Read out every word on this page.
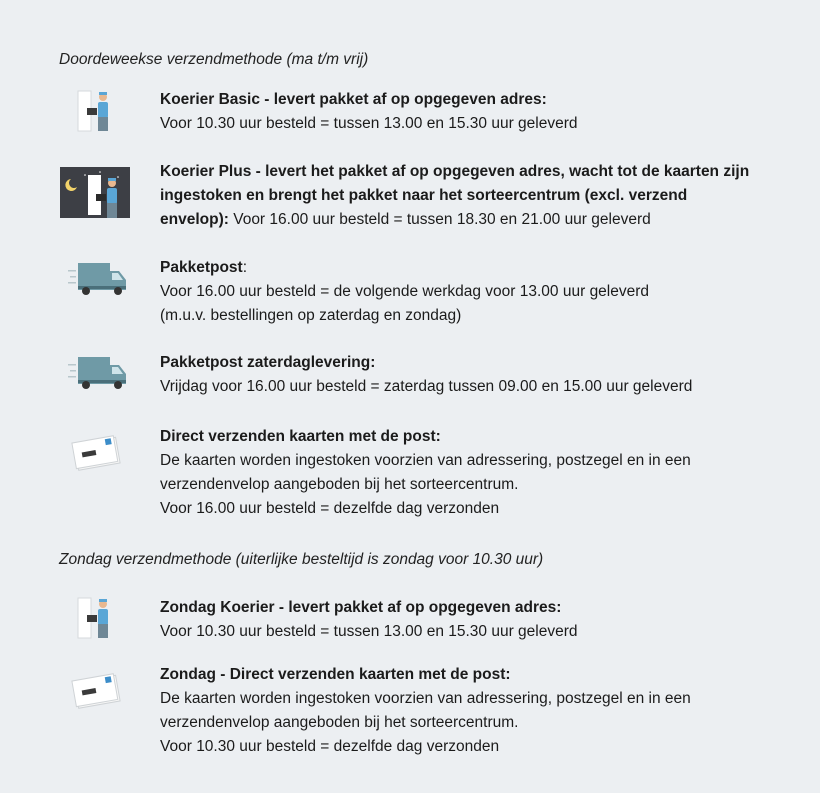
Doordeweekse verzendmethode (ma t/m vrij)
Koerier Basic - levert pakket af op opgegeven adres:
Voor 10.30 uur besteld = tussen 13.00 en 15.30 uur geleverd
Koerier Plus - levert het pakket af op opgegeven adres, wacht tot de kaarten zijn ingestoken en brengt het pakket naar het sorteercentrum (excl. verzend envelop): Voor 16.00 uur besteld = tussen 18.30 en 21.00 uur geleverd
Pakketpost:
Voor 16.00 uur besteld = de volgende werkdag voor 13.00 uur geleverd
(m.u.v. bestellingen op zaterdag en zondag)
Pakketpost zaterdaglevering:
Vrijdag voor 16.00 uur besteld = zaterdag tussen 09.00 en 15.00 uur geleverd
Direct verzenden kaarten met de post:
De kaarten worden ingestoken voorzien van adressering, postzegel en in een
verzendenvelop aangeboden bij het sorteercentrum.
Voor 16.00 uur besteld = dezelfde dag verzonden
Zondag verzendmethode (uiterlijke besteltijd is zondag voor 10.30 uur)
Zondag Koerier - levert pakket af op opgegeven adres:
Voor 10.30 uur besteld = tussen 13.00 en 15.30 uur geleverd
Zondag - Direct verzenden kaarten met de post:
De kaarten worden ingestoken voorzien van adressering, postzegel en in een
verzendenvelop aangeboden bij het sorteercentrum.
Voor 10.30 uur besteld = dezelfde dag verzonden
